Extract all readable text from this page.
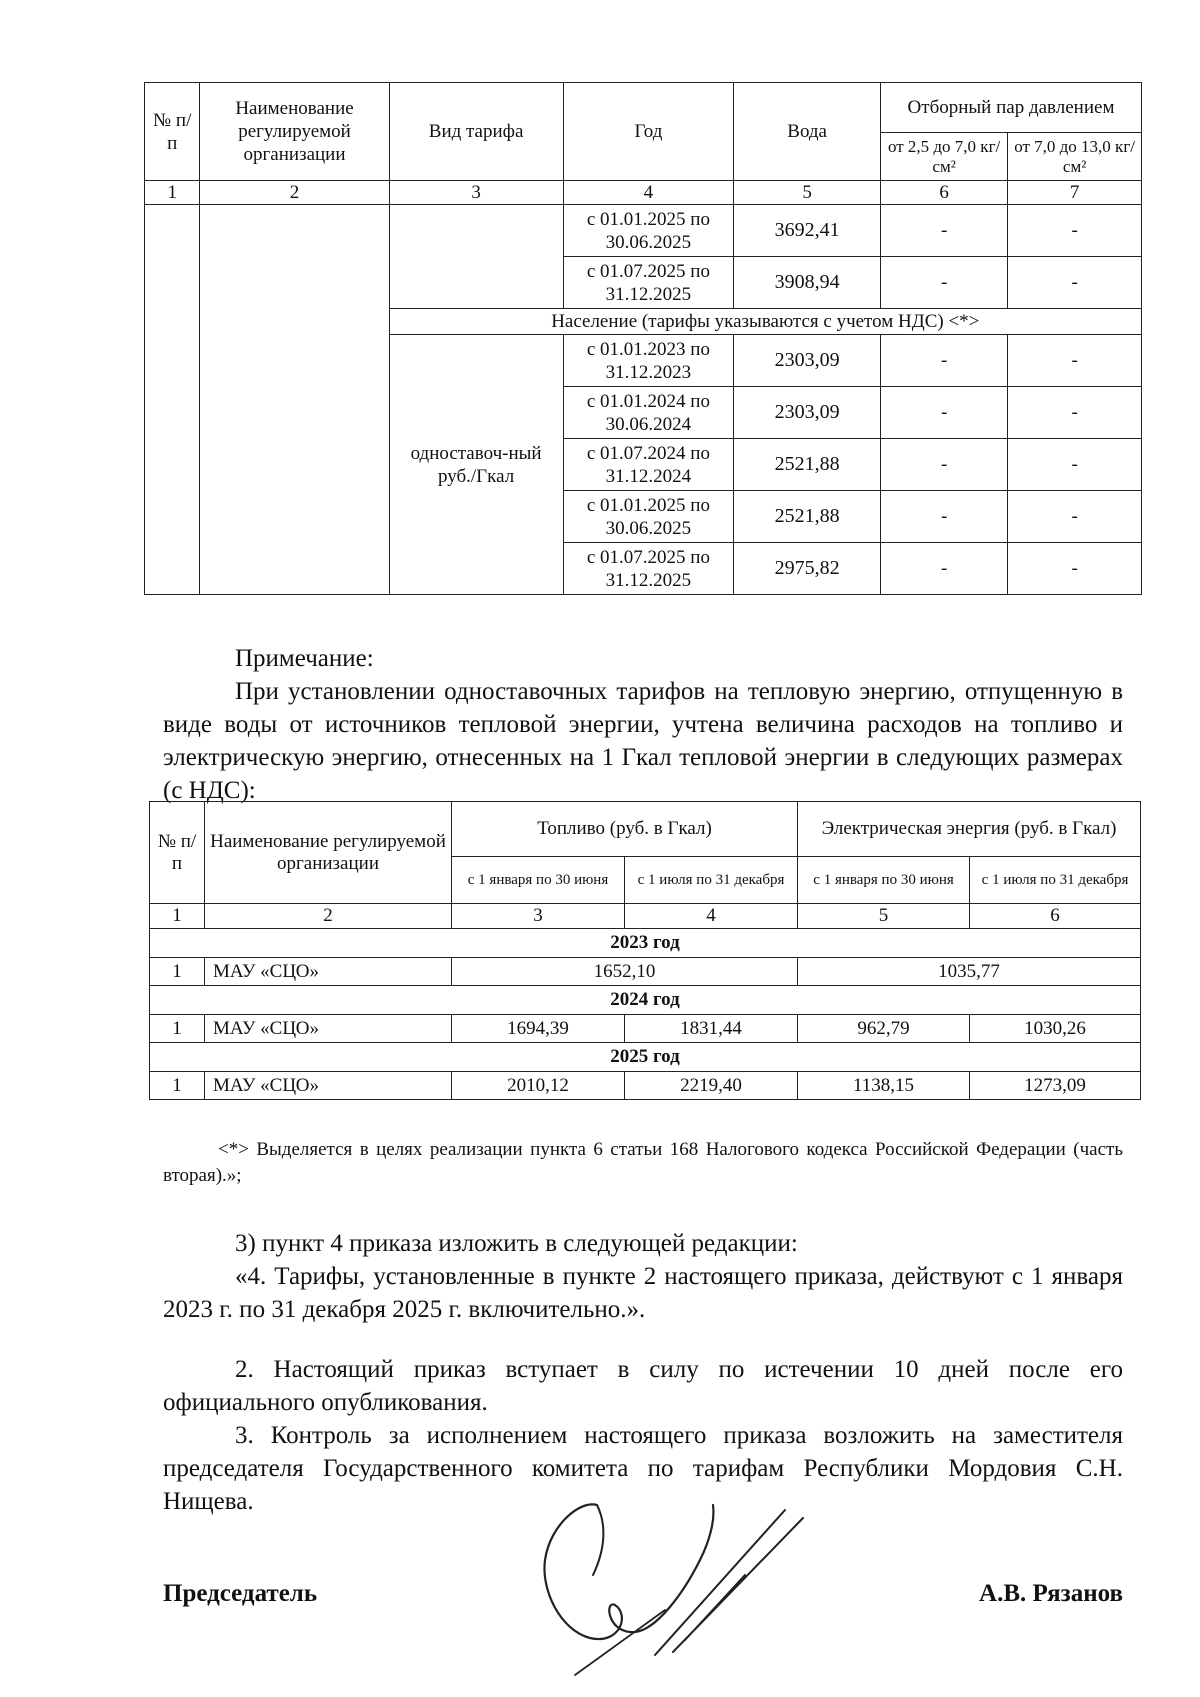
№ п/п	Наименование регулируемой организации	Вид тарифа	Год	Вода	Отборный пар давлением	
					от 2,5 до 7,0 кг/см²	от 7,0 до 13,0 кг/см²
1	2	3	4	5	6	7
			с 01.01.2025 по 30.06.2025	3692,41	-	-
			с 01.07.2025 по 31.12.2025	3908,94	-	-
		Население (тарифы указываются с учетом НДС) <*>				
		одноставоч-ный руб./Гкал	с 01.01.2023 по 31.12.2023	2303,09	-	-
			с 01.01.2024 по 30.06.2024	2303,09	-	-
			с 01.07.2024 по 31.12.2024	2521,88	-	-
			с 01.01.2025 по 30.06.2025	2521,88	-	-
			с 01.07.2025 по 31.12.2025	2975,82	-	-
Примечание:
При установлении одноставочных тарифов на тепловую энергию, отпущенную в виде воды от источников тепловой энергии, учтена величина расходов на топливо и электрическую энергию, отнесенных на 1 Гкал тепловой энергии в следующих размерах (с НДС):
№ п/п	Наименование регулируемой организации	Топливо (руб. в Гкал)		Электрическая энергия (руб. в Гкал)	
		с 1 января по 30 июня	с 1 июля по 31 декабря	с 1 января по 30 июня	с 1 июля по 31 декабря
1	2	3	4	5	6
2023 год					
1	МАУ «СЦО»	1652,10		1035,77	
2024 год					
1	МАУ «СЦО»	1694,39	1831,44	962,79	1030,26
2025 год					
1	МАУ «СЦО»	2010,12	2219,40	1138,15	1273,09
<*> Выделяется в целях реализации пункта 6 статьи 168 Налогового кодекса Российской Федерации (часть вторая).»;
3) пункт 4 приказа изложить в следующей редакции:
«4. Тарифы, установленные в пункте 2 настоящего приказа, действуют с 1 января 2023 г. по 31 декабря 2025 г. включительно.».
2. Настоящий приказ вступает в силу по истечении 10 дней после его официального опубликования.
3. Контроль за исполнением настоящего приказа возложить на заместителя председателя Государственного комитета по тарифам Республики Мордовия С.Н. Нищева.
Председатель	А.В. Рязанов
